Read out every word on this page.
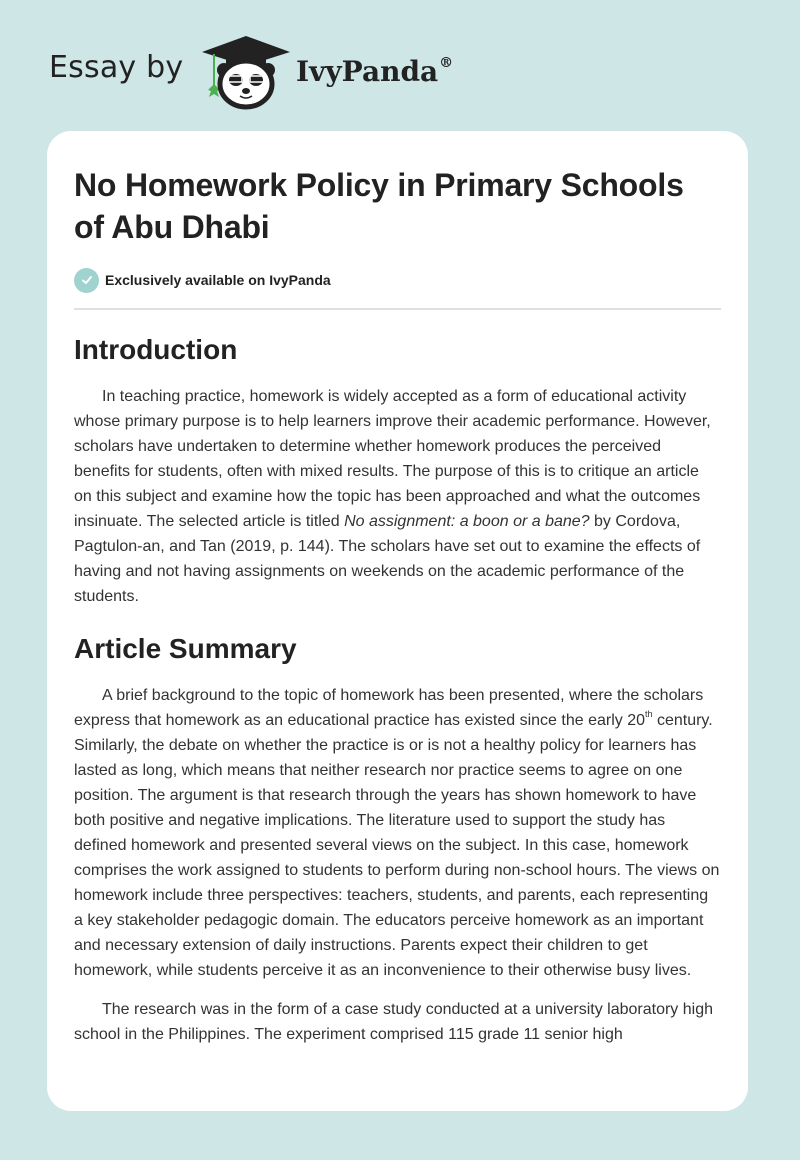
Essay by	IvyPanda®
No Homework Policy in Primary Schools of Abu Dhabi
Exclusively available on IvyPanda
Introduction

In teaching practice, homework is widely accepted as a form of educational activity whose primary purpose is to help learners improve their academic performance. However, scholars have undertaken to determine whether homework produces the perceived benefits for students, often with mixed results. The purpose of this is to critique an article on this subject and examine how the topic has been approached and what the outcomes insinuate. The selected article is titled No assignment: a boon or a bane? by Cordova, Pagtulon-an, and Tan (2019, p. 144). The scholars have set out to examine the effects of having and not having assignments on weekends on the academic performance of the students.

Article Summary

A brief background to the topic of homework has been presented, where the scholars express that homework as an educational practice has existed since the early 20th century. Similarly, the debate on whether the practice is or is not a healthy policy for learners has lasted as long, which means that neither research nor practice seems to agree on one position. The argument is that research through the years has shown homework to have both positive and negative implications. The literature used to support the study has defined homework and presented several views on the subject. In this case, homework comprises the work assigned to students to perform during non-school hours. The views on homework include three perspectives: teachers, students, and parents, each representing a key stakeholder pedagogic domain. The educators perceive homework as an important and necessary extension of daily instructions. Parents expect their children to get homework, while students perceive it as an inconvenience to their otherwise busy lives.

The research was in the form of a case study conducted at a university laboratory high school in the Philippines. The experiment comprised 115 grade 11 senior high
